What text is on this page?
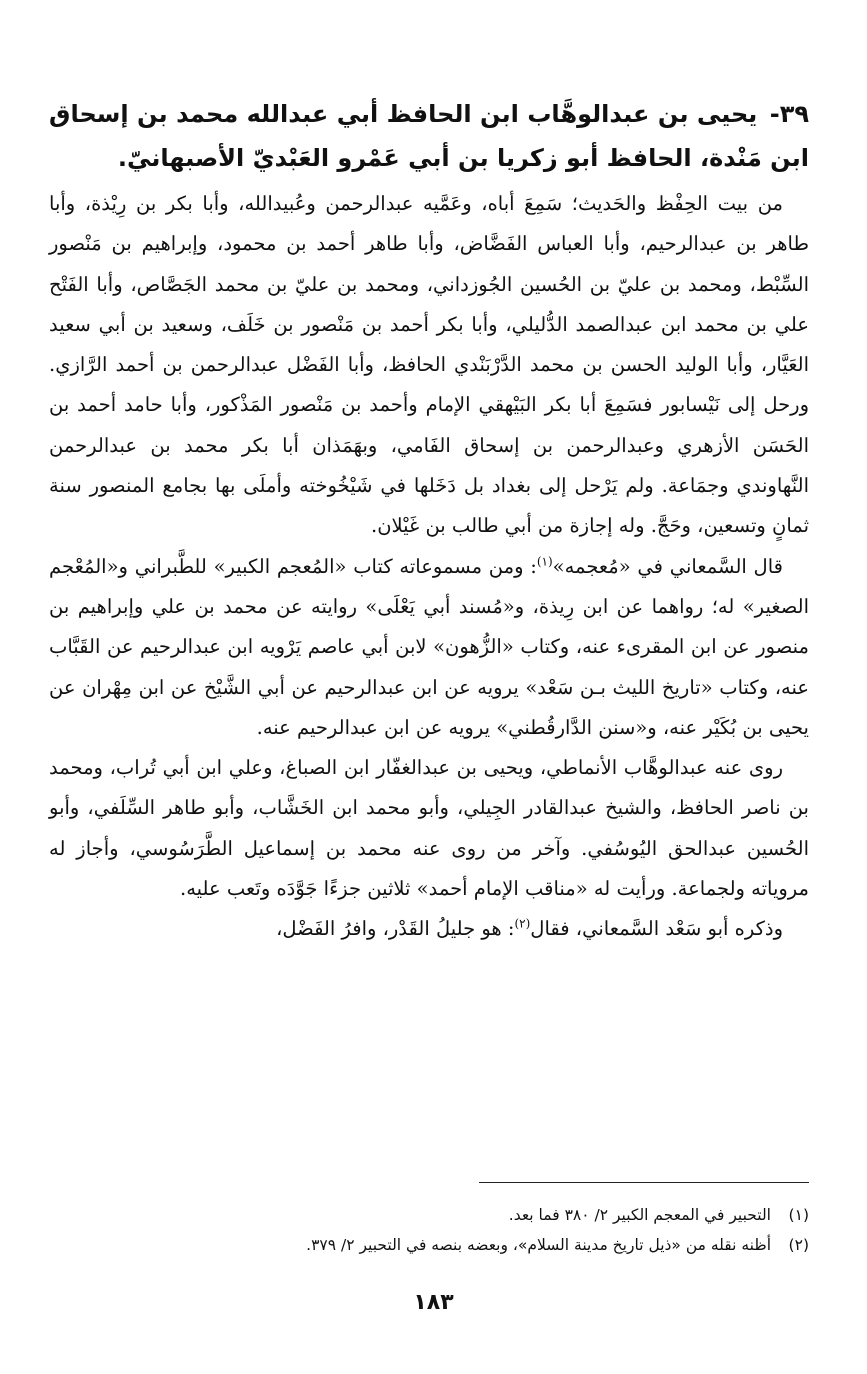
٣٩- يحيى بن عبدالوهَّاب ابن الحافظ أبي عبدالله محمد بن إسحاق ابن مَنْدة، الحافظ أبو زكريا بن أبي عَمْرو العَبْديّ الأصبهانيّ.

من بيت الحِفْظ والحَديث؛ سَمِعَ أباه، وعَمَّيه عبدالرحمن وعُبيدالله، وأبا بكر بن رِيْذة، وأبا طاهر بن عبدالرحيم، وأبا العباس الفَضَّاض، وأبا طاهر أحمد بن محمود، وإبراهيم بن مَنْصور السِّبْط، ومحمد بن عليّ بن الحُسين الجُوزداني، ومحمد بن عليّ بن محمد الجَصَّاص، وأبا الفَتْح علي بن محمد ابن عبدالصمد الدُّليلي، وأبا بكر أحمد بن مَنْصور بن خَلَف، وسعيد بن أبي سعيد العَيَّار، وأبا الوليد الحسن بن محمد الدَّرْبَنْدي الحافظ، وأبا الفَضْل عبدالرحمن بن أحمد الرَّازي. ورحل إلى نَيْسابور فسَمِعَ أبا بكر البَيْهقي الإمام وأحمد بن مَنْصور المَذْكور، وأبا حامد أحمد بن الحَسَن الأزهري وعبدالرحمن بن إسحاق الفَامي، وبهَمَذان أبا بكر محمد بن عبدالرحمن النَّهاوندي وجمَاعة. ولم يَرْحل إلى بغداد بل دَخَلها في شَيْخُوخته وأملَى بها بجامع المنصور سنة ثمانٍ وتسعين، وحَجَّ. وله إجازة من أبي طالب بن غَيْلان.

قال السَّمعاني في «مُعجمه»$^{(١)}$: ومن مسموعاته كتاب «المُعجم الكبير» للطَّبراني و«المُعْجم الصغير» له؛ رواهما عن ابن رِيذة، و«مُسند أبي يَعْلَى» روايته عن محمد بن علي وإبراهيم بن منصور عن ابن المقرىء عنه، وكتاب «الزُّهون» لابن أبي عاصم يَرْويه ابن عبدالرحيم عن القَبَّاب عنه، وكتاب «تاريخ الليث بـن سَعْد» يرويه عن ابن عبدالرحيم عن أبي الشَّيْخ عن ابن مِهْران عن يحيى بن بُكَيْر عنه، و«سنن الدَّارقُطني» يرويه عن ابن عبدالرحيم عنه.

روى عنه عبدالوهَّاب الأنماطي، ويحيى بن عبدالغفّار ابن الصباغ، وعلي ابن أبي تُراب، ومحمد بن ناصر الحافظ، والشيخ عبدالقادر الجِيلي، وأبو محمد ابن الخَشَّاب، وأبو طاهر السِّلَفي، وأبو الحُسين عبدالحق اليُوسُفي. وآخر من روى عنه محمد بن إسماعيل الطَّرَسُوسي، وأجاز له مروياته ولجماعة. ورأيت له «مناقب الإمام أحمد» ثلاثين جزءًا جَوَّدَه وتَعب عليه.

وذكره أبو سَعْد السَّمعاني، فقال$^{(٢)}$: هو جليلُ القَدْر، وافرُ الفَضْل،

(١)التحبير في المعجم الكبير ٢/ ٣٨٠ فما بعد.

(٢)أظنه نقله من «ذيل تاريخ مدينة السلام»، وبعضه بنصه في التحبير ٢/ ٣٧٩.

١٨٣
